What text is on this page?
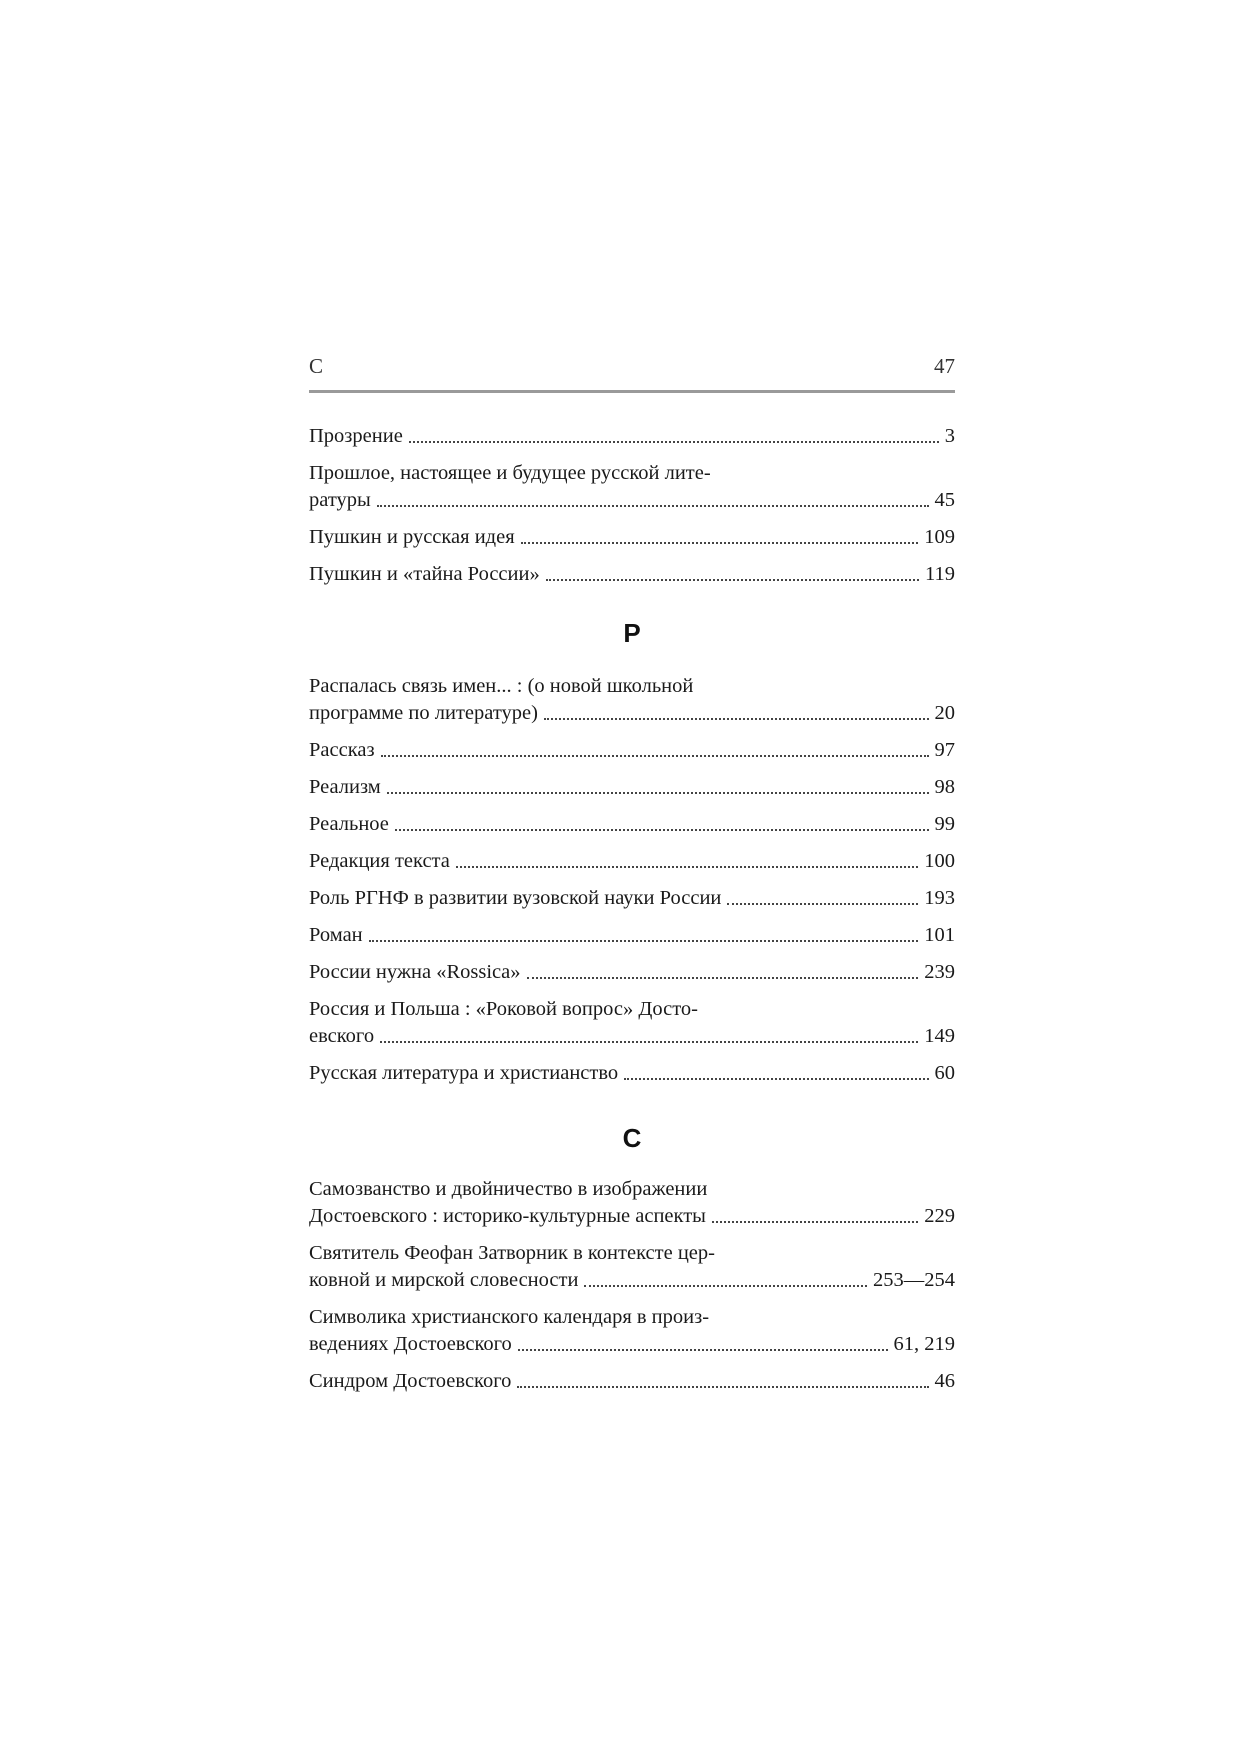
С	47
Прозрение	3
Прошлое, настоящее и будущее русской лите-
ратуры	45
Пушкин и русская идея	109
Пушкин и «тайна России»	119
Р
Распалась связь имен... : (о новой школьной
программе по литературе)	20
Рассказ	97
Реализм	98
Реальное	99
Редакция текста	100
Роль РГНФ в развитии вузовской науки России	193
Роман	101
России нужна «Rossica»	239
Россия и Польша : «Роковой вопрос» Досто-
евского	149
Русская литература и христианство	60
С
Самозванство и двойничество в изображении
Достоевского : историко-культурные аспекты	229
Святитель Феофан Затворник в контексте цер-
ковной и мирской словесности	253—254
Символика христианского календаря в произ-
ведениях Достоевского	61, 219
Синдром Достоевского	46
